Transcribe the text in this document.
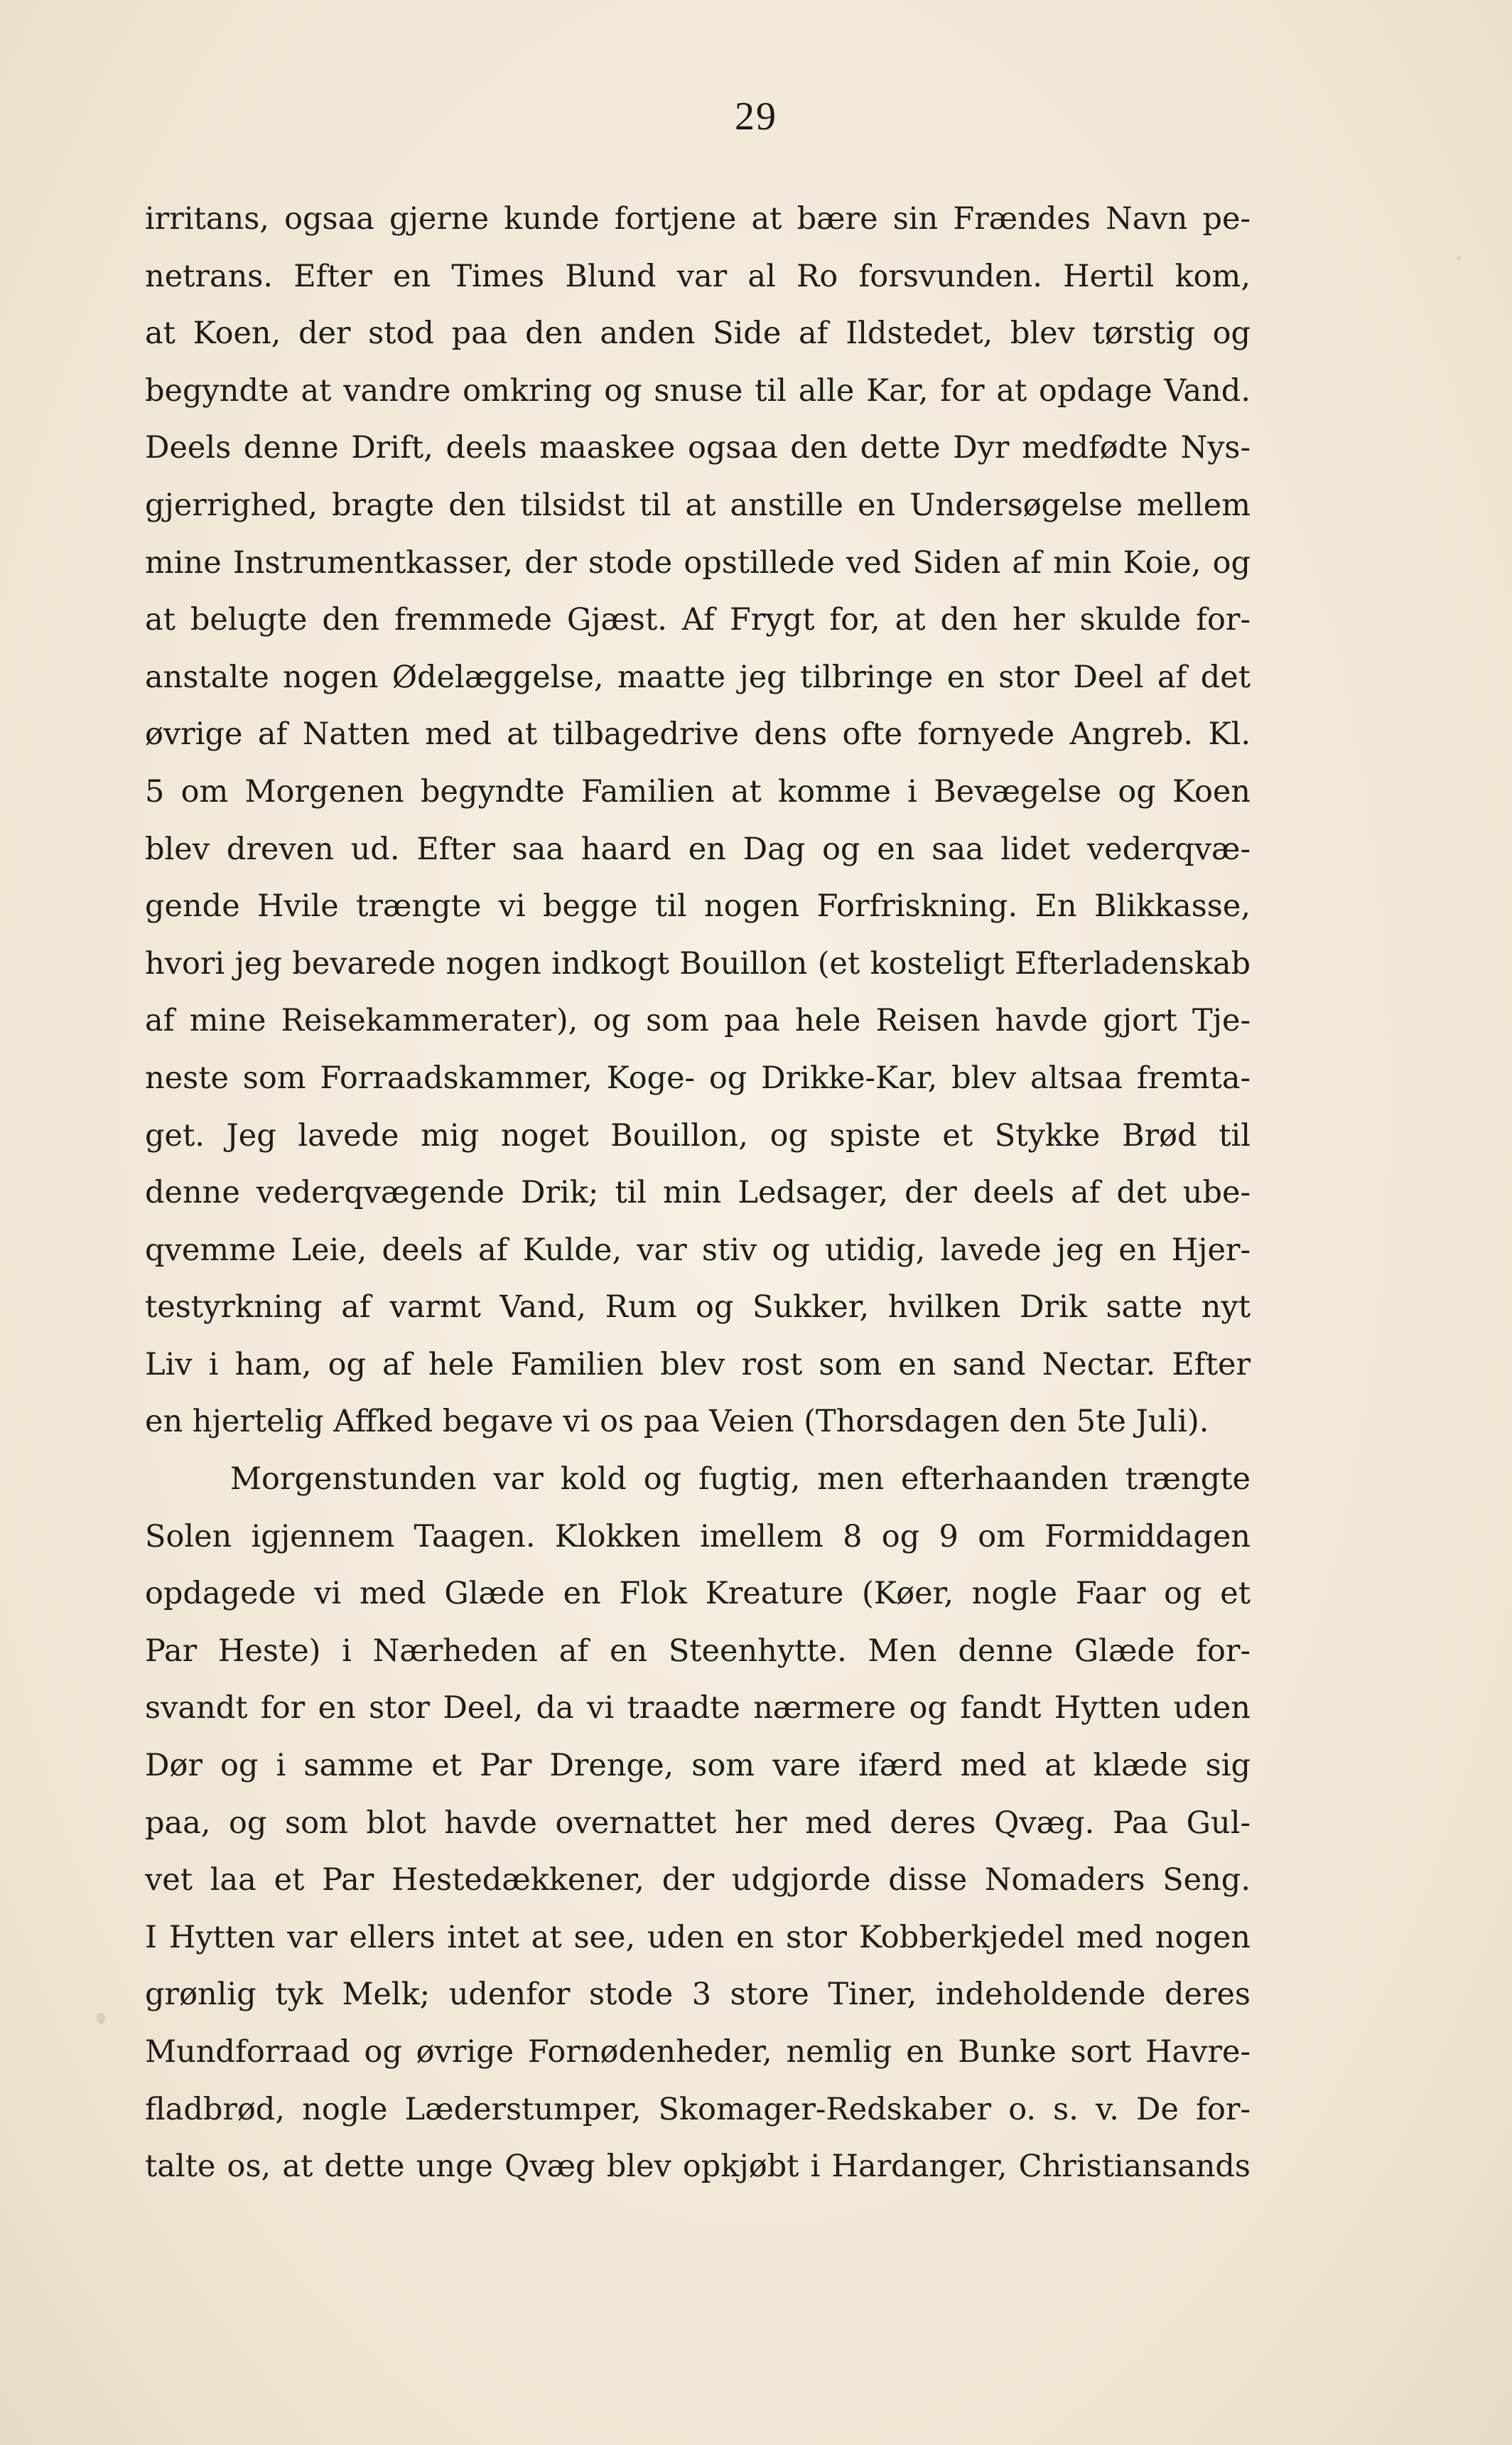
29
irritans, ogsaa gjerne kunde fortjene at bære sin Frændes Navn pe-
netrans. Efter en Times Blund var al Ro forsvunden. Hertil kom,
at Koen, der stod paa den anden Side af Ildstedet, blev tørstig og
begyndte at vandre omkring og snuse til alle Kar, for at opdage Vand.
Deels denne Drift, deels maaskee ogsaa den dette Dyr medfødte Nys-
gjerrighed, bragte den tilsidst til at anstille en Undersøgelse mellem
mine Instrumentkasser, der stode opstillede ved Siden af min Koie, og
at belugte den fremmede Gjæst. Af Frygt for, at den her skulde for-
anstalte nogen Ødelæggelse, maatte jeg tilbringe en stor Deel af det
øvrige af Natten med at tilbagedrive dens ofte fornyede Angreb. Kl.
5 om Morgenen begyndte Familien at komme i Bevægelse og Koen
blev dreven ud. Efter saa haard en Dag og en saa lidet vederqvæ-
gende Hvile trængte vi begge til nogen Forfriskning. En Blikkasse,
hvori jeg bevarede nogen indkogt Bouillon (et kosteligt Efterladenskab
af mine Reisekammerater), og som paa hele Reisen havde gjort Tje-
neste som Forraadskammer, Koge- og Drikke-Kar, blev altsaa fremta-
get. Jeg lavede mig noget Bouillon, og spiste et Stykke Brød til
denne vederqvægende Drik; til min Ledsager, der deels af det ube-
qvemme Leie, deels af Kulde, var stiv og utidig, lavede jeg en Hjer-
testyrkning af varmt Vand, Rum og Sukker, hvilken Drik satte nyt
Liv i ham, og af hele Familien blev rost som en sand Nectar. Efter
en hjertelig Affked begave vi os paa Veien (Thorsdagen den 5te Juli).
Morgenstunden var kold og fugtig, men efterhaanden trængte
Solen igjennem Taagen. Klokken imellem 8 og 9 om Formiddagen
opdagede vi med Glæde en Flok Kreature (Køer, nogle Faar og et
Par Heste) i Nærheden af en Steenhytte. Men denne Glæde for-
svandt for en stor Deel, da vi traadte nærmere og fandt Hytten uden
Dør og i samme et Par Drenge, som vare ifærd med at klæde sig
paa, og som blot havde overnattet her med deres Qvæg. Paa Gul-
vet laa et Par Hestedækkener, der udgjorde disse Nomaders Seng.
I Hytten var ellers intet at see, uden en stor Kobberkjedel med nogen
grønlig tyk Melk; udenfor stode 3 store Tiner, indeholdende deres
Mundforraad og øvrige Fornødenheder, nemlig en Bunke sort Havre-
fladbrød, nogle Læderstumper, Skomager-Redskaber o. s. v. De for-
talte os, at dette unge Qvæg blev opkjøbt i Hardanger, Christiansands
